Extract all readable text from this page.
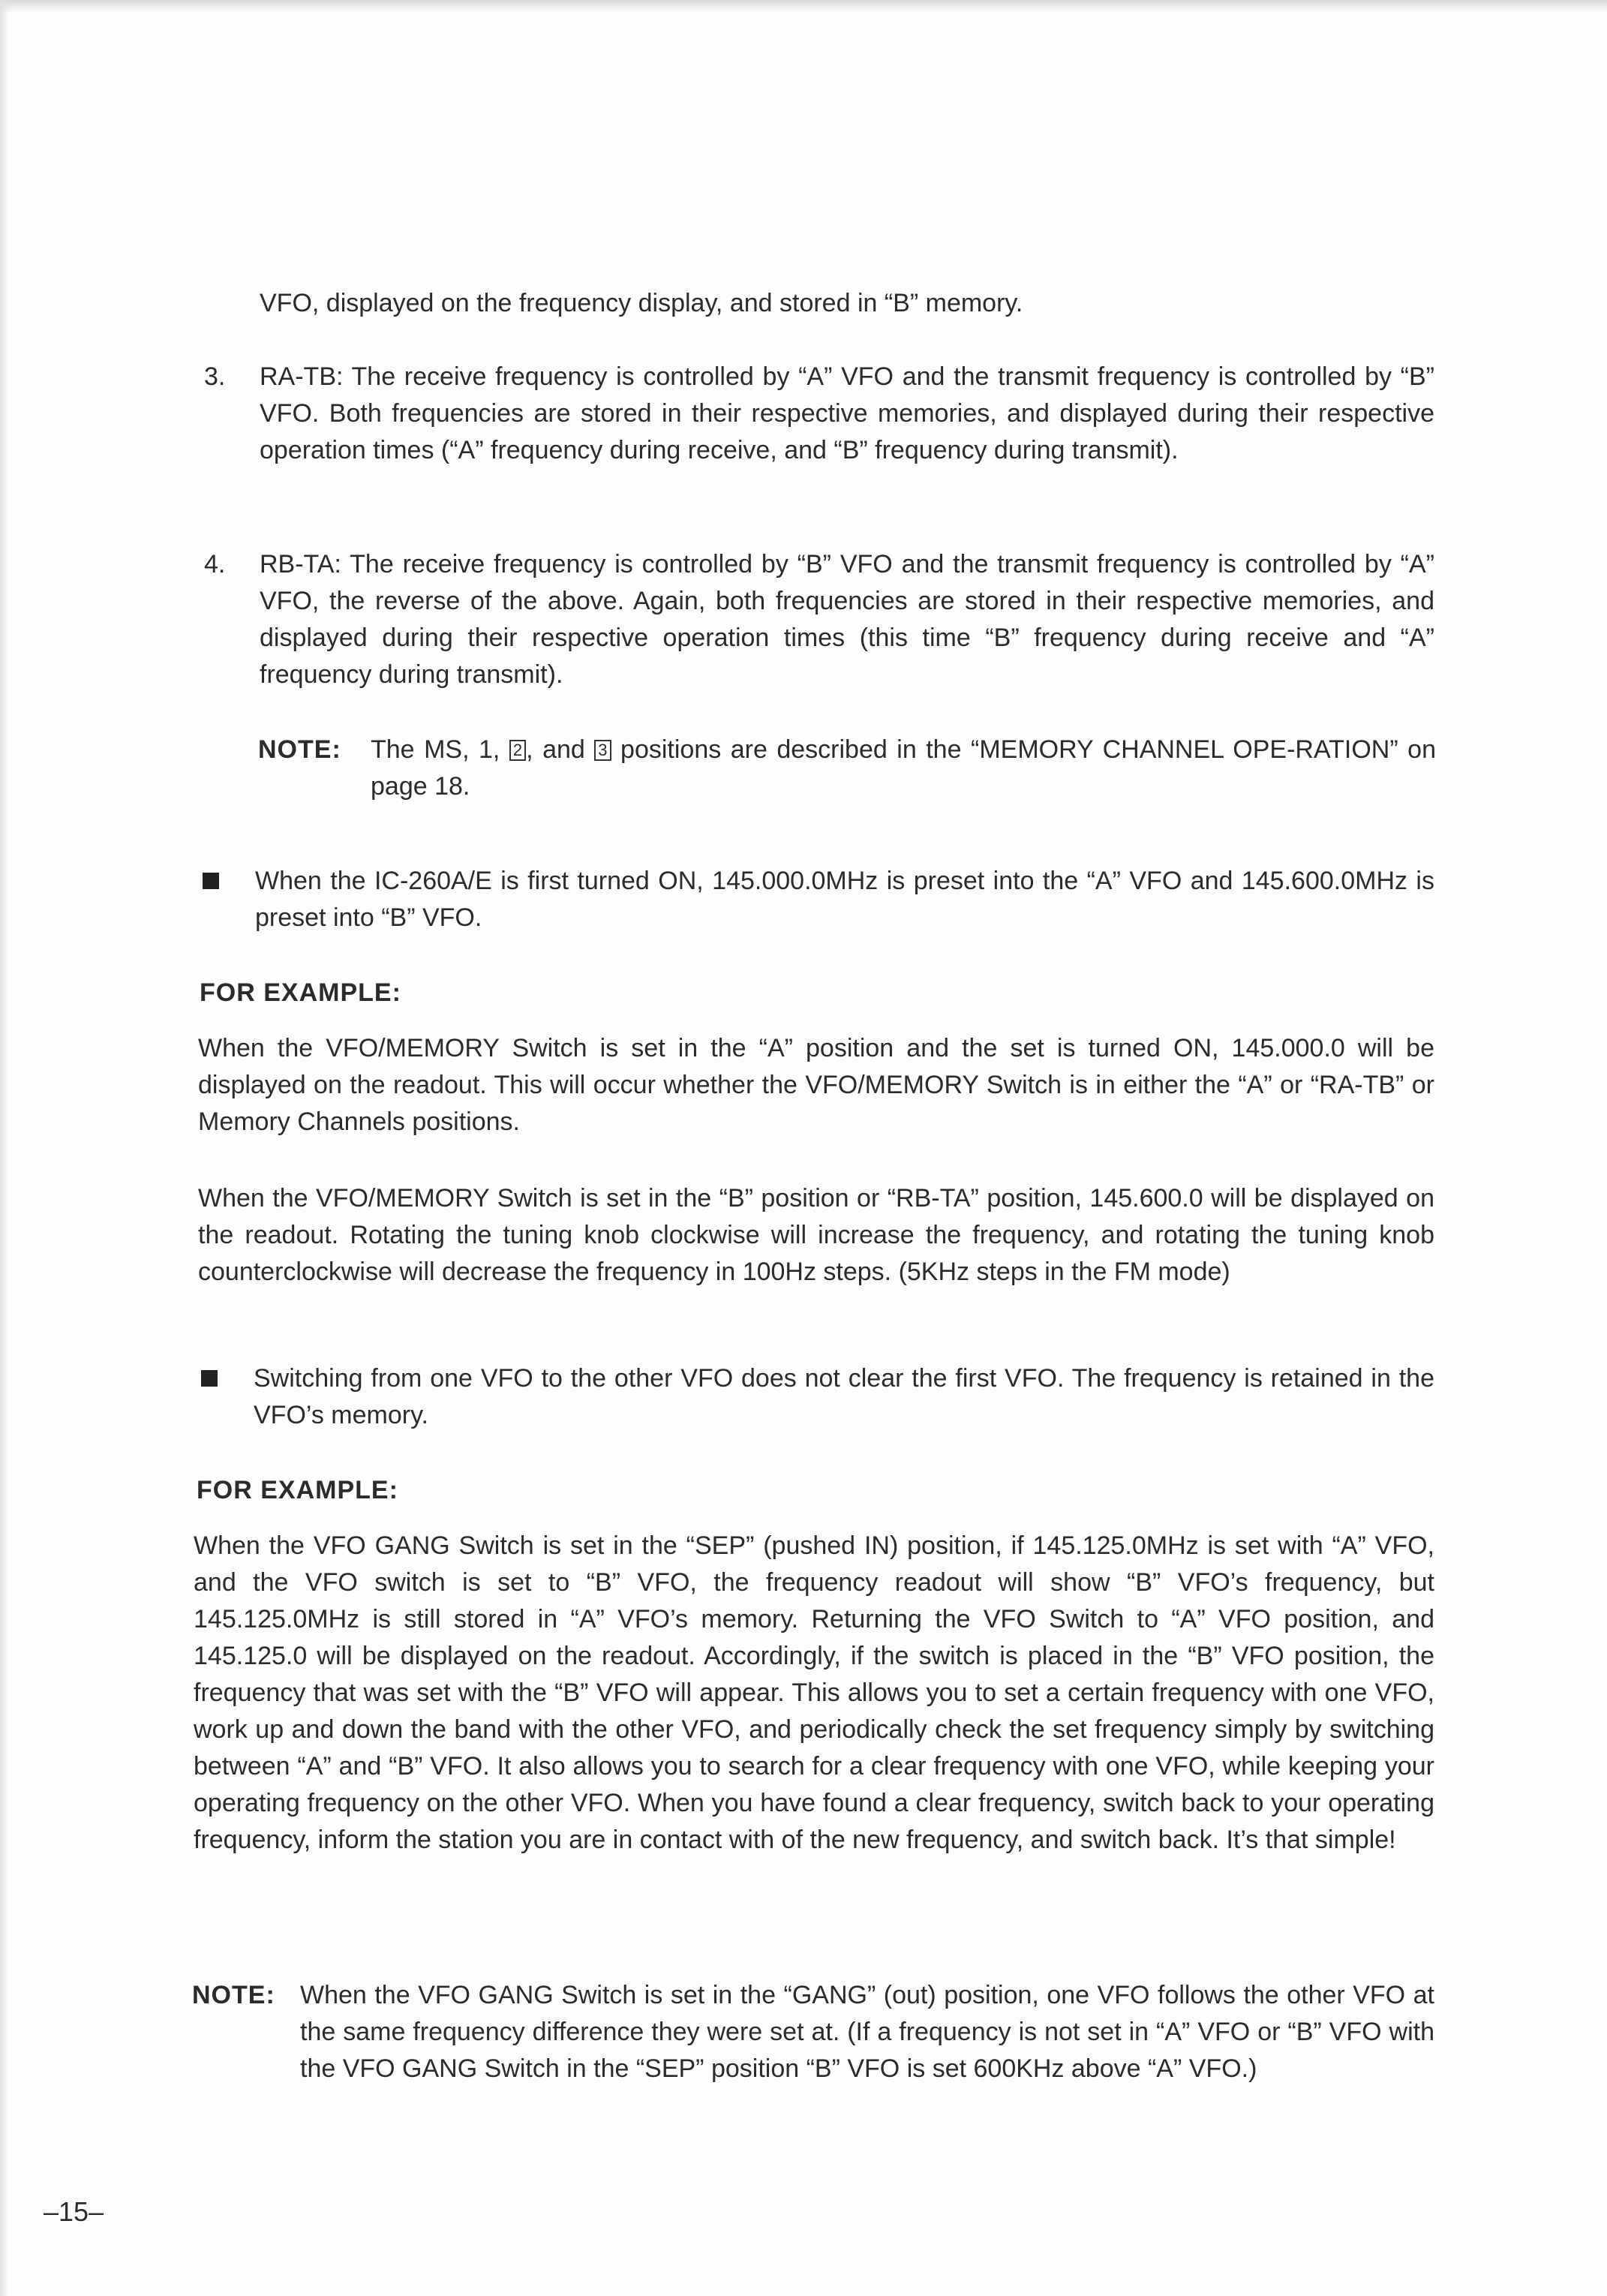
VFO, displayed on the frequency display, and stored in “B” memory.
3. RA-TB: The receive frequency is controlled by “A” VFO and the transmit frequency is controlled by “B” VFO. Both frequencies are stored in their respective memories, and displayed during their respective operation times (“A” frequency during receive, and “B” frequency during transmit).
4. RB-TA: The receive frequency is controlled by “B” VFO and the transmit frequency is controlled by “A” VFO, the reverse of the above. Again, both frequencies are stored in their respective memories, and displayed during their respective operation times (this time “B” frequency during receive and “A” frequency during transmit).
NOTE: The MS, 1, 2 , and 3 positions are described in the “MEMORY CHANNEL OPE-RATION” on page 18.
When the IC-260A/E is first turned ON, 145.000.0MHz is preset into the “A” VFO and 145.600.0MHz is preset into “B” VFO.
FOR EXAMPLE:
When the VFO/MEMORY Switch is set in the “A” position and the set is turned ON, 145.000.0 will be displayed on the readout. This will occur whether the VFO/MEMORY Switch is in either the “A” or “RA-TB” or Memory Channels positions.
When the VFO/MEMORY Switch is set in the “B” position or “RB-TA” position, 145.600.0 will be displayed on the readout. Rotating the tuning knob clockwise will increase the frequency, and rotating the tuning knob counterclockwise will decrease the frequency in 100Hz steps. (5KHz steps in the FM mode)
Switching from one VFO to the other VFO does not clear the first VFO. The frequency is retained in the VFO’s memory.
FOR EXAMPLE:
When the VFO GANG Switch is set in the “SEP” (pushed IN) position, if 145.125.0MHz is set with “A” VFO, and the VFO switch is set to “B” VFO, the frequency readout will show “B” VFO’s frequency, but 145.125.0MHz is still stored in “A” VFO’s memory. Returning the VFO Switch to “A” VFO position, and 145.125.0 will be displayed on the readout. Accordingly, if the switch is placed in the “B” VFO position, the frequency that was set with the “B” VFO will appear. This allows you to set a certain frequency with one VFO, work up and down the band with the other VFO, and periodically check the set frequency simply by switching between “A” and “B” VFO. It also allows you to search for a clear frequency with one VFO, while keeping your operating frequency on the other VFO. When you have found a clear frequency, switch back to your operating frequency, inform the station you are in contact with of the new frequency, and switch back. It’s that simple!
NOTE: When the VFO GANG Switch is set in the “GANG” (out) position, one VFO follows the other VFO at the same frequency difference they were set at. (If a frequency is not set in “A” VFO or “B” VFO with the VFO GANG Switch in the “SEP” position “B” VFO is set 600KHz above “A” VFO.)
–15–
